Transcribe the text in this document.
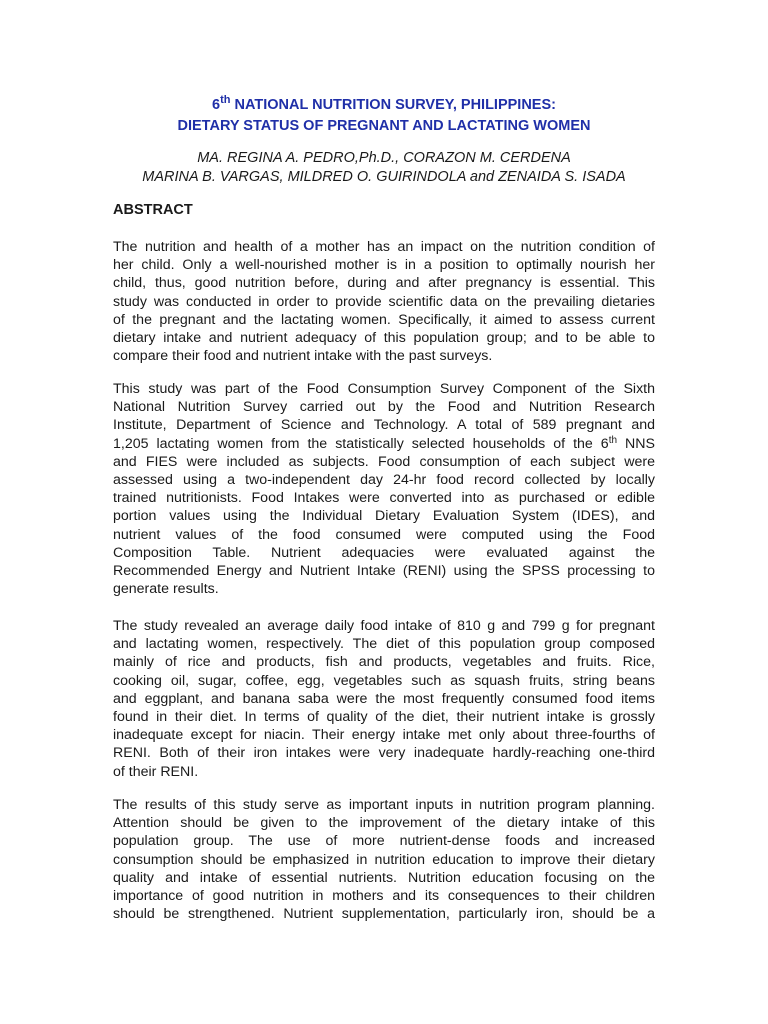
6th NATIONAL NUTRITION SURVEY, PHILIPPINES:

DIETARY STATUS OF PREGNANT AND LACTATING WOMEN

MA. REGINA A. PEDRO,Ph.D., CORAZON M. CERDENA

MARINA B. VARGAS, MILDRED O. GUIRINDOLA and ZENAIDA S. ISADA

ABSTRACT

The nutrition and health of a mother has an impact on the nutrition condition of
her child. Only a well-nourished mother is in a position to optimally nourish her
child, thus, good nutrition before, during and after pregnancy is essential. This
study was conducted in order to provide scientific data on the prevailing dietaries
of the pregnant and the lactating women. Specifically, it aimed to assess current
dietary intake and nutrient adequacy of this population group; and to be able to
compare their food and nutrient intake with the past surveys.
This study was part of the Food Consumption Survey Component of the Sixth
National Nutrition Survey carried out by the Food and Nutrition Research
Institute, Department of Science and Technology. A total of 589 pregnant and
1,205 lactating women from the statistically selected households of the 6th NNS
and FIES were included as subjects. Food consumption of each subject were
assessed using a two-independent day 24-hr food record collected by locally
trained nutritionists. Food Intakes were converted into as purchased or edible
portion values using the Individual Dietary Evaluation System (IDES), and
nutrient values of the food consumed were computed using the Food
Composition Table. Nutrient adequacies were evaluated against the
Recommended Energy and Nutrient Intake (RENI) using the SPSS processing to
generate results.
The study revealed an average daily food intake of 810 g and 799 g for pregnant
and lactating women, respectively. The diet of this population group composed
mainly of rice and products, fish and products, vegetables and fruits. Rice,
cooking oil, sugar, coffee, egg, vegetables such as squash fruits, string beans
and eggplant, and banana saba were the most frequently consumed food items
found in their diet. In terms of quality of the diet, their nutrient intake is grossly
inadequate except for niacin. Their energy intake met only about three-fourths of
RENI. Both of their iron intakes were very inadequate hardly-reaching one-third
of their RENI.
The results of this study serve as important inputs in nutrition program planning.
Attention should be given to the improvement of the dietary intake of this
population group. The use of more nutrient-dense foods and increased
consumption should be emphasized in nutrition education to improve their dietary
quality and intake of essential nutrients. Nutrition education focusing on the
importance of good nutrition in mothers and its consequences to their children
should be strengthened. Nutrient supplementation, particularly iron, should be a
